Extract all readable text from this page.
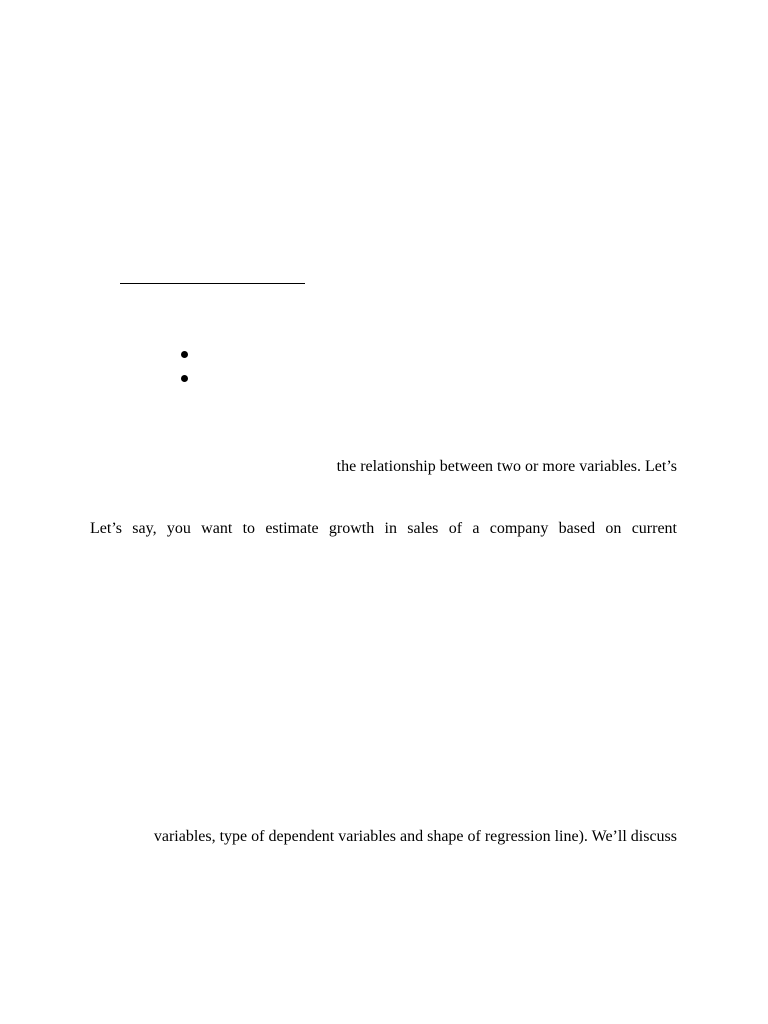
the relationship between two or more variables. Let’s
Let’s say, you want to estimate growth in sales of a company based on current
variables, type of dependent variables and shape of regression line). We’ll discuss
